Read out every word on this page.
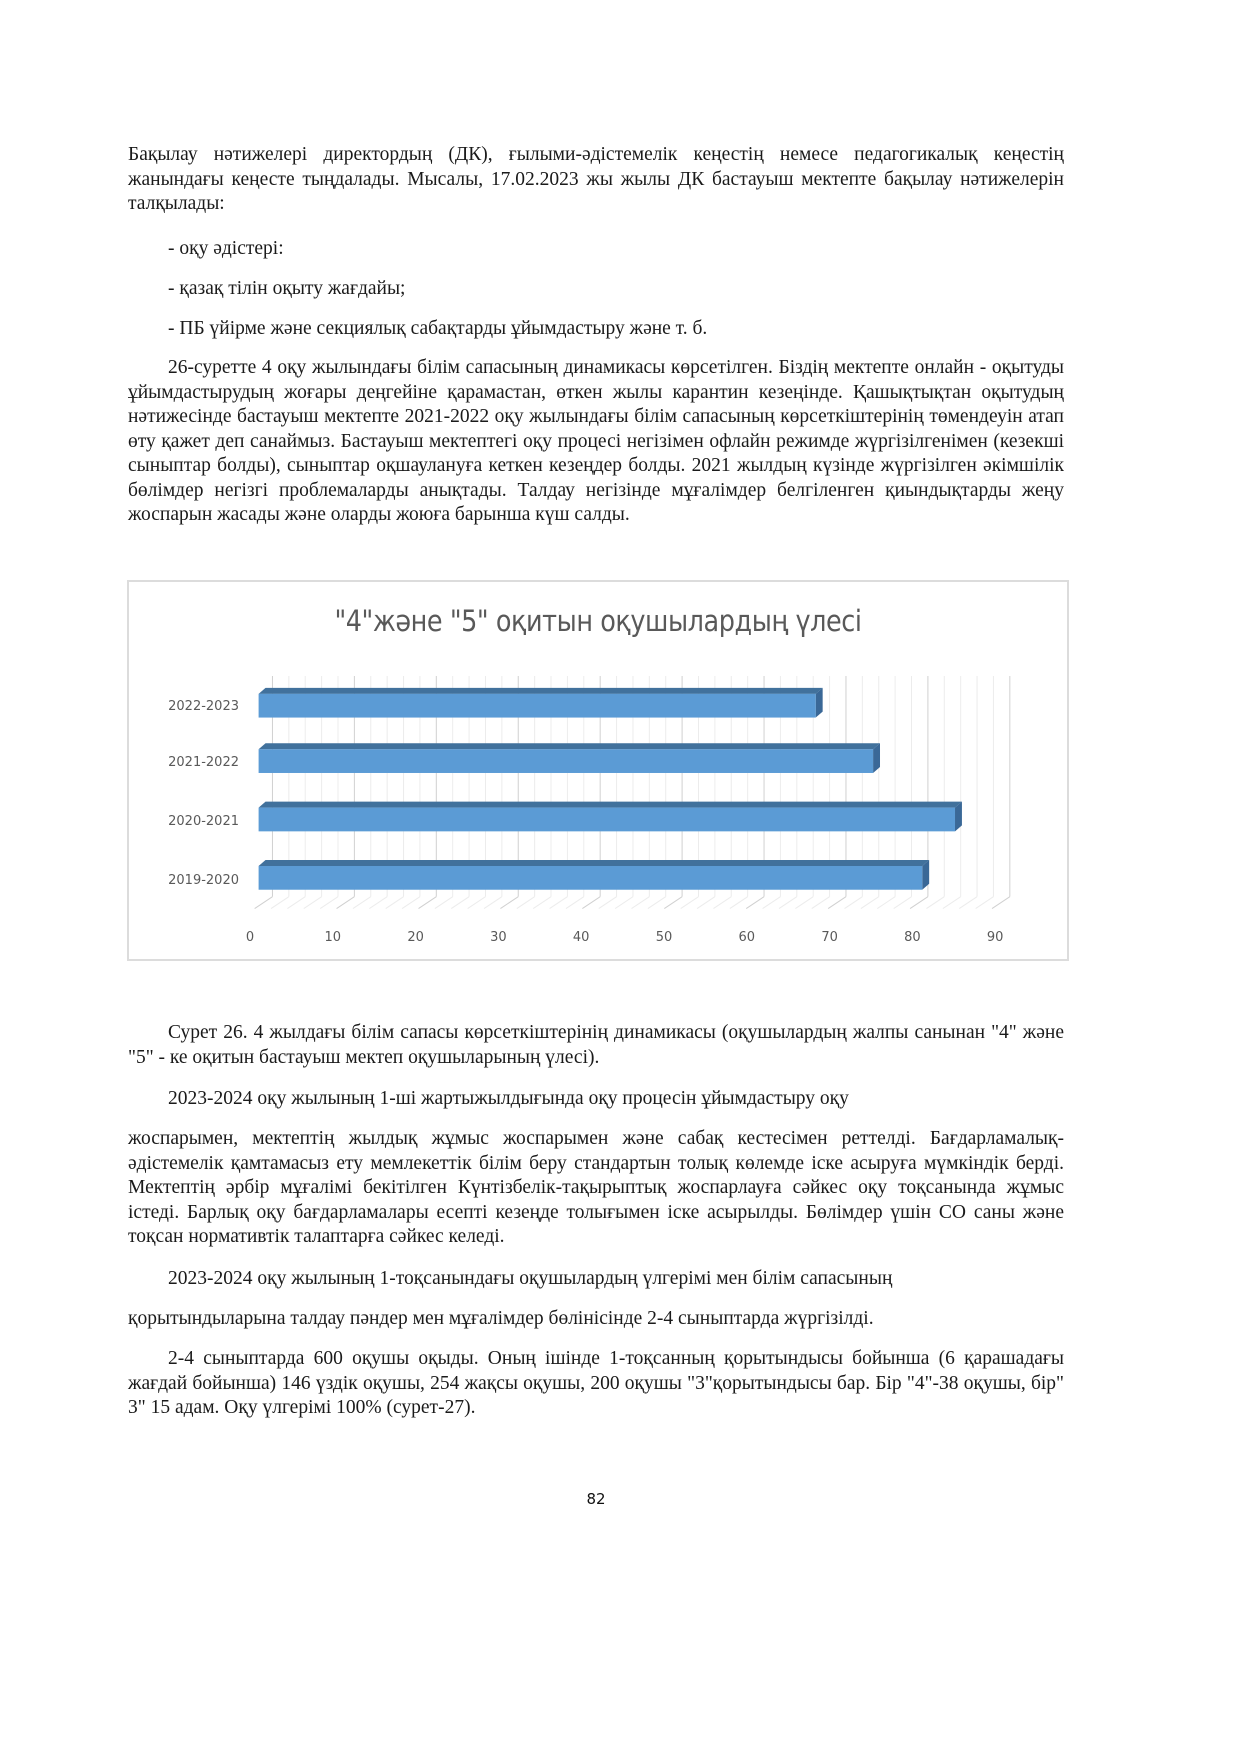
Бақылау нәтижелері директордың (ДК), ғылыми-әдістемелік кеңестің немесе педагогикалық кеңестің жанындағы кеңесте тыңдалады. Мысалы, 17.02.2023 жы жылы ДК бастауыш мектепте бақылау нәтижелерін талқылады:

- оқу әдістері:
- қазақ тілін оқыту жағдайы;
- ПБ үйірме және секциялық сабақтарды ұйымдастыру және т. б.

26-суретте 4 оқу жылындағы білім сапасының динамикасы көрсетілген. Біздің мектепте онлайн - оқытуды ұйымдастырудың жоғары деңгейіне қарамастан, өткен жылы карантин кезеңінде. Қашықтықтан оқытудың нәтижесінде бастауыш мектепте 2021-2022 оқу жылындағы білім сапасының көрсеткіштерінің төмендеуін атап өту қажет деп санаймыз. Бастауыш мектептегі оқу процесі негізімен офлайн режимде жүргізілгенімен (кезекші сыныптар болды), сыныптар оқшаулануға кеткен кезеңдер болды. 2021 жылдың күзінде жүргізілген әкімшілік бөлімдер негізгі проблемаларды анықтады. Талдау негізінде мұғалімдер белгіленген қиындықтарды жеңу жоспарын жасады және оларды жоюға барынша күш салды.

"4"және "5" оқитын оқушылардың үлесі
2022-2023
2021-2022
2020-2021
2019-2020
0	10	20	30	40	50	60	70	80	90

Сурет 26. 4 жылдағы білім сапасы көрсеткіштерінің динамикасы (оқушылардың жалпы санынан "4" және "5" - ке оқитын бастауыш мектеп оқушыларының үлесі).

2023-2024 оқу жылының 1-ші жартыжылдығында оқу процесін ұйымдастыру оқу

жоспарымен, мектептің жылдық жұмыс жоспарымен және сабақ кестесімен реттелді. Бағдарламалық-әдістемелік қамтамасыз ету мемлекеттік білім беру стандартын толық көлемде іске асыруға мүмкіндік берді. Мектептің әрбір мұғалімі бекітілген Күнтізбелік-тақырыптық жоспарлауға сәйкес оқу тоқсанында жұмыс істеді. Барлық оқу бағдарламалары есепті кезеңде толығымен іске асырылды. Бөлімдер үшін СО саны және тоқсан нормативтік талаптарға сәйкес келеді.

2023-2024 оқу жылының 1-тоқсанындағы оқушылардың үлгерімі мен білім сапасының

қорытындыларына талдау пәндер мен мұғалімдер бөлінісінде 2-4 сыныптарда жүргізілді.

2-4 сыныптарда 600 оқушы оқыды. Оның ішінде 1-тоқсанның қорытындысы бойынша (6 қарашадағы жағдай бойынша) 146 үздік оқушы, 254 жақсы оқушы, 200 оқушы "3"қорытындысы бар. Бір "4"-38 оқушы, бір" 3" 15 адам. Оқу үлгерімі 100% (сурет-27).

82
